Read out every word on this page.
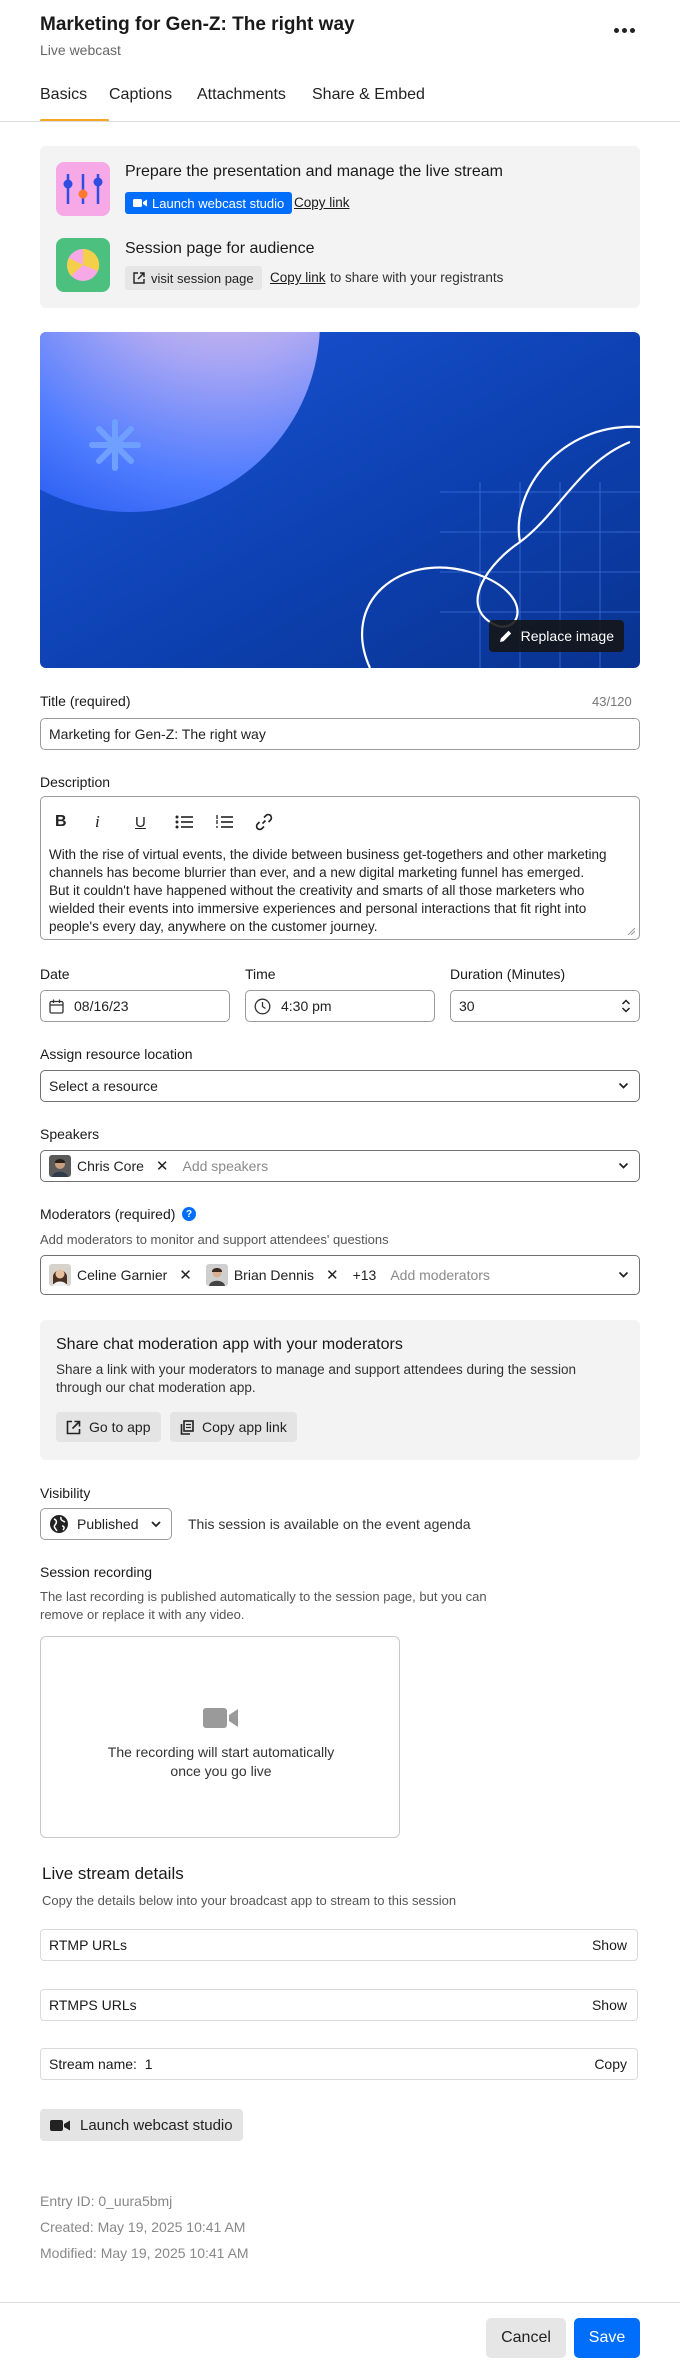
Marketing for Gen-Z: The right way
Live webcast
Basics	Captions	Attachments	Share & Embed
Prepare the presentation and manage the live stream
Launch webcast studio Copy link
Session page for audience
visit session page Copy link to share with your registrants
Replace image
Title (required)	43/120
Marketing for Gen-Z: The right way
Description
B	i	U
With the rise of virtual events, the divide between business get-togethers and other marketing channels has become blurrier than ever, and a new digital marketing funnel has emerged.
But it couldn't have happened without the creativity and smarts of all those marketers who wielded their events into immersive experiences and personal interactions that fit right into people's every day, anywhere on the customer journey.
Date
08/16/23
Time
4:30 pm
Duration (Minutes)
30
Assign resource location
Select a resource
Speakers
Chris Core ✕ Add speakers
Moderators (required)	?
Add moderators to monitor and support attendees' questions
Celine Garnier ✕	Brian Dennis ✕ +13 Add moderators
Share chat moderation app with your moderators
Share a link with your moderators to manage and support attendees during the session
through our chat moderation app.
Go to app	Copy app link
Visibility
Published	This session is available on the event agenda
Session recording
The last recording is published automatically to the session page, but you can
remove or replace it with any video.
The recording will start automatically
once you go live
Live stream details
Copy the details below into your broadcast app to stream to this session
RTMP URLs	Show
RTMPS URLs	Show
Stream name: 1	Copy
Launch webcast studio
Entry ID: 0_uura5bmj
Created: May 19, 2025 10:41 AM
Modified: May 19, 2025 10:41 AM
Cancel	Save
